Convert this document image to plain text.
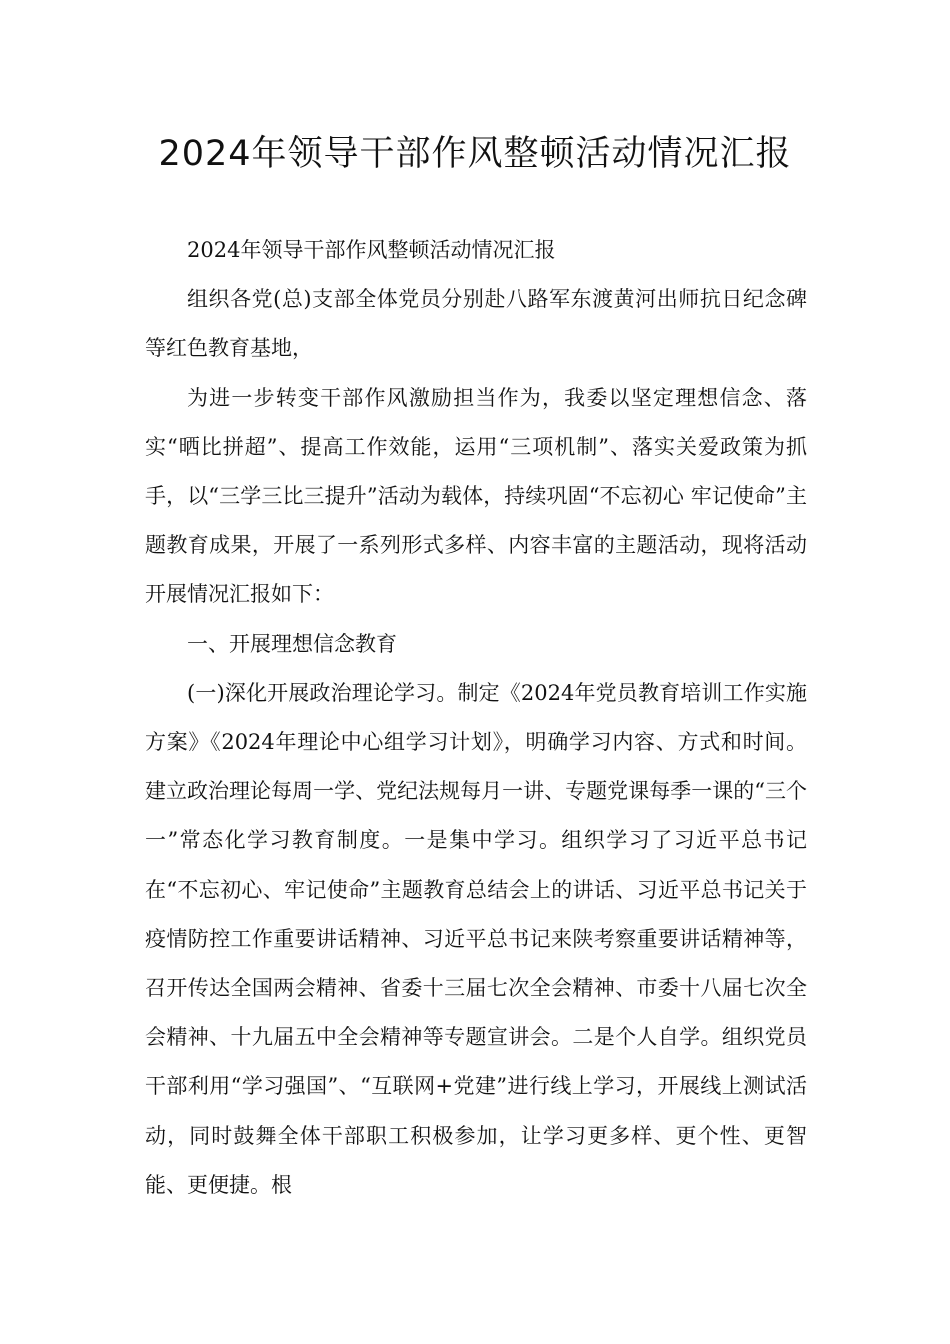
2024年领导干部作风整顿活动情况汇报

2024年领导干部作风整顿活动情况汇报

组织各党(总)支部全体党员分别赴八路军东渡黄河出师抗日纪念碑等红色教育基地，

为进一步转变干部作风激励担当作为，我委以坚定理想信念、落实“晒比拼超”、提高工作效能，运用“三项机制”、落实关爱政策为抓手，以“三学三比三提升”活动为载体，持续巩固“不忘初心 牢记使命”主题教育成果，开展了一系列形式多样、内容丰富的主题活动，现将活动开展情况汇报如下：

一、开展理想信念教育

(一)深化开展政治理论学习。制定《2024年党员教育培训工作实施方案》《2024年理论中心组学习计划》，明确学习内容、方式和时间。建立政治理论每周一学、党纪法规每月一讲、专题党课每季一课的“三个一”常态化学习教育制度。一是集中学习。组织学习了习近平总书记在“不忘初心、牢记使命”主题教育总结会上的讲话、习近平总书记关于疫情防控工作重要讲话精神、习近平总书记来陕考察重要讲话精神等，召开传达全国两会精神、省委十三届七次全会精神、市委十八届七次全会精神、十九届五中全会精神等专题宣讲会。二是个人自学。组织党员干部利用“学习强国”、“互联网+党建”进行线上学习，开展线上测试活动，同时鼓舞全体干部职工积极参加，让学习更多样、更个性、更智能、更便捷。根
